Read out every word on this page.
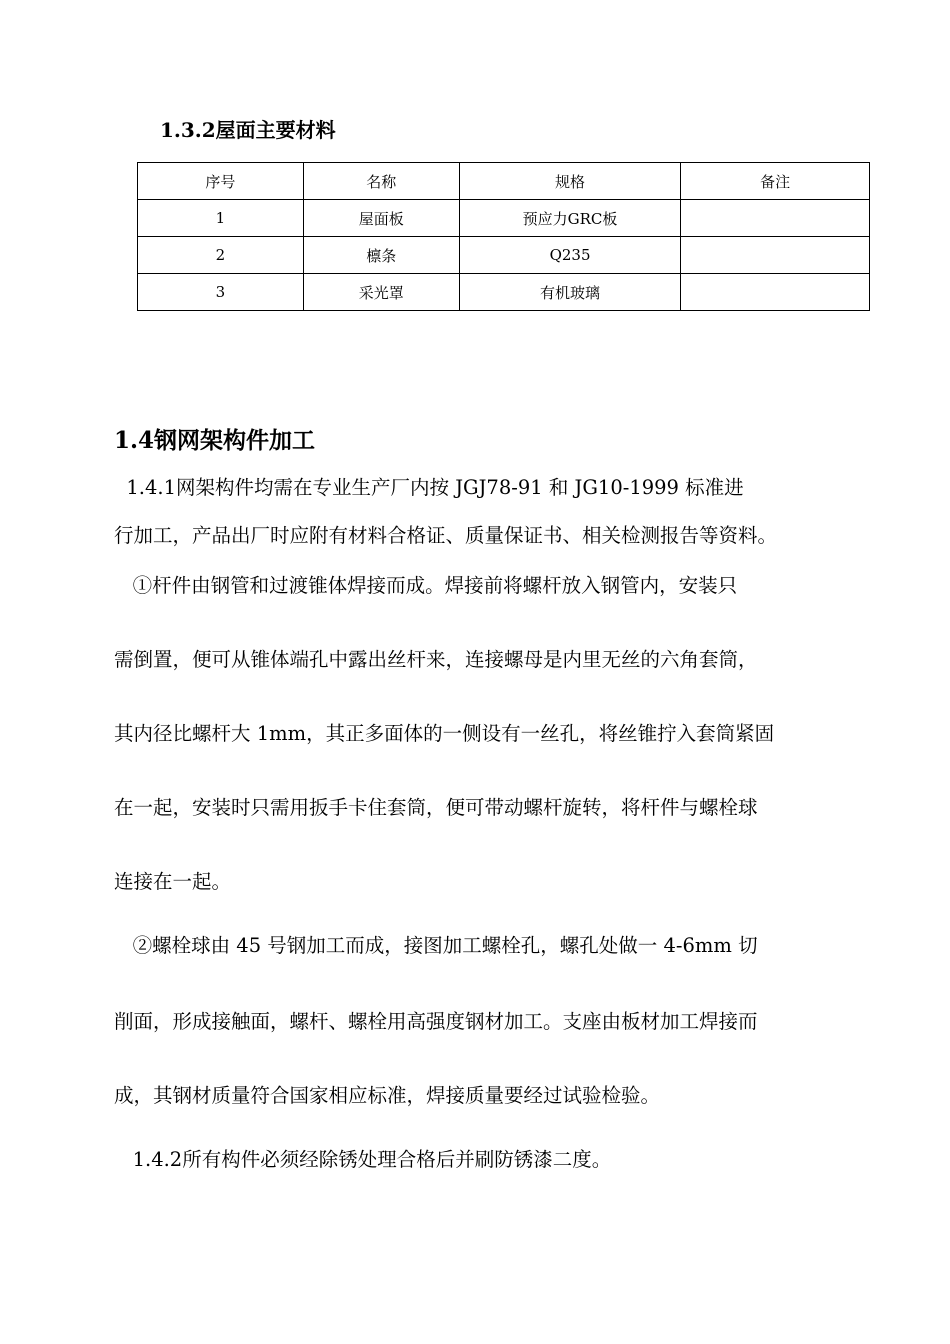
1.3.2屋面主要材料
序号	名称	规格	备注
1	屋面板	预应力GRC板	
2	檩条	Q235	
3	采光罩	有机玻璃	
1.4钢网架构件加工
1.4.1网架构件均需在专业生产厂内按 JGJ78-91 和 JG10-1999 标准进
行加工，产品出厂时应附有材料合格证、质量保证书、相关检测报告等资料。
①杆件由钢管和过渡锥体焊接而成。焊接前将螺杆放入钢管内，安装只
需倒置，便可从锥体端孔中露出丝杆来，连接螺母是内里无丝的六角套筒，
其内径比螺杆大 1mm，其正多面体的一侧设有一丝孔，将丝锥拧入套筒紧固
在一起，安装时只需用扳手卡住套筒，便可带动螺杆旋转，将杆件与螺栓球
连接在一起。
②螺栓球由 45 号钢加工而成，接图加工螺栓孔，螺孔处做一 4-6mm 切
削面，形成接触面，螺杆、螺栓用高强度钢材加工。支座由板材加工焊接而
成，其钢材质量符合国家相应标准，焊接质量要经过试验检验。
1.4.2所有构件必须经除锈处理合格后并刷防锈漆二度。
